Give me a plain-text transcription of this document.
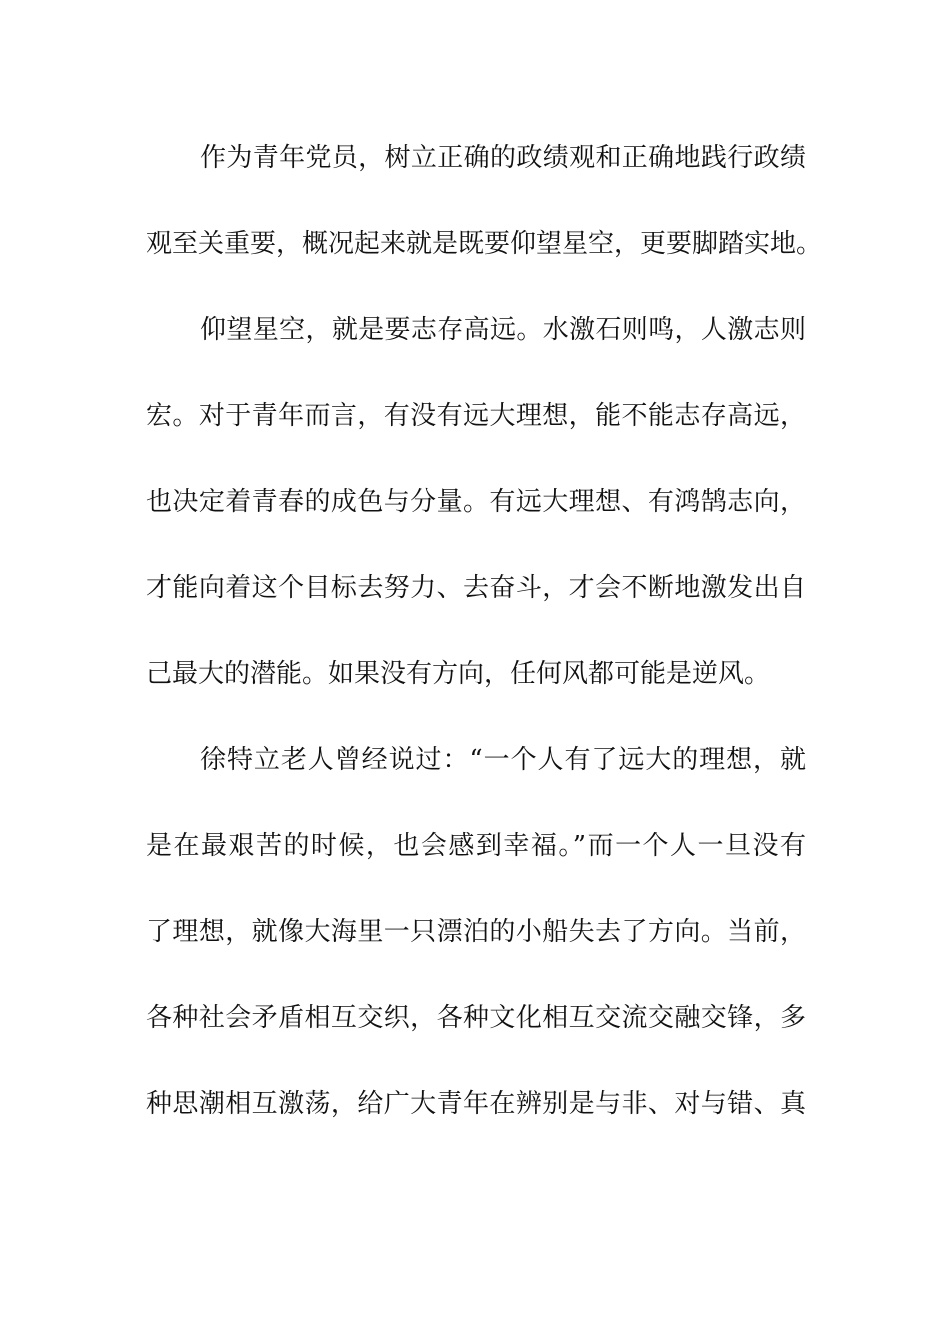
作为青年党员，树立正确的政绩观和正确地践行政绩
观至关重要，概况起来就是既要仰望星空，更要脚踏实地。
仰望星空，就是要志存高远。水激石则鸣，人激志则
宏。对于青年而言，有没有远大理想，能不能志存高远，
也决定着青春的成色与分量。有远大理想、有鸿鹄志向，
才能向着这个目标去努力、去奋斗，才会不断地激发出自
己最大的潜能。如果没有方向，任何风都可能是逆风。
徐特立老人曾经说过：“一个人有了远大的理想，就
是在最艰苦的时候，也会感到幸福。”而一个人一旦没有
了理想，就像大海里一只漂泊的小船失去了方向。当前，
各种社会矛盾相互交织，各种文化相互交流交融交锋，多
种思潮相互激荡，给广大青年在辨别是与非、对与错、真
